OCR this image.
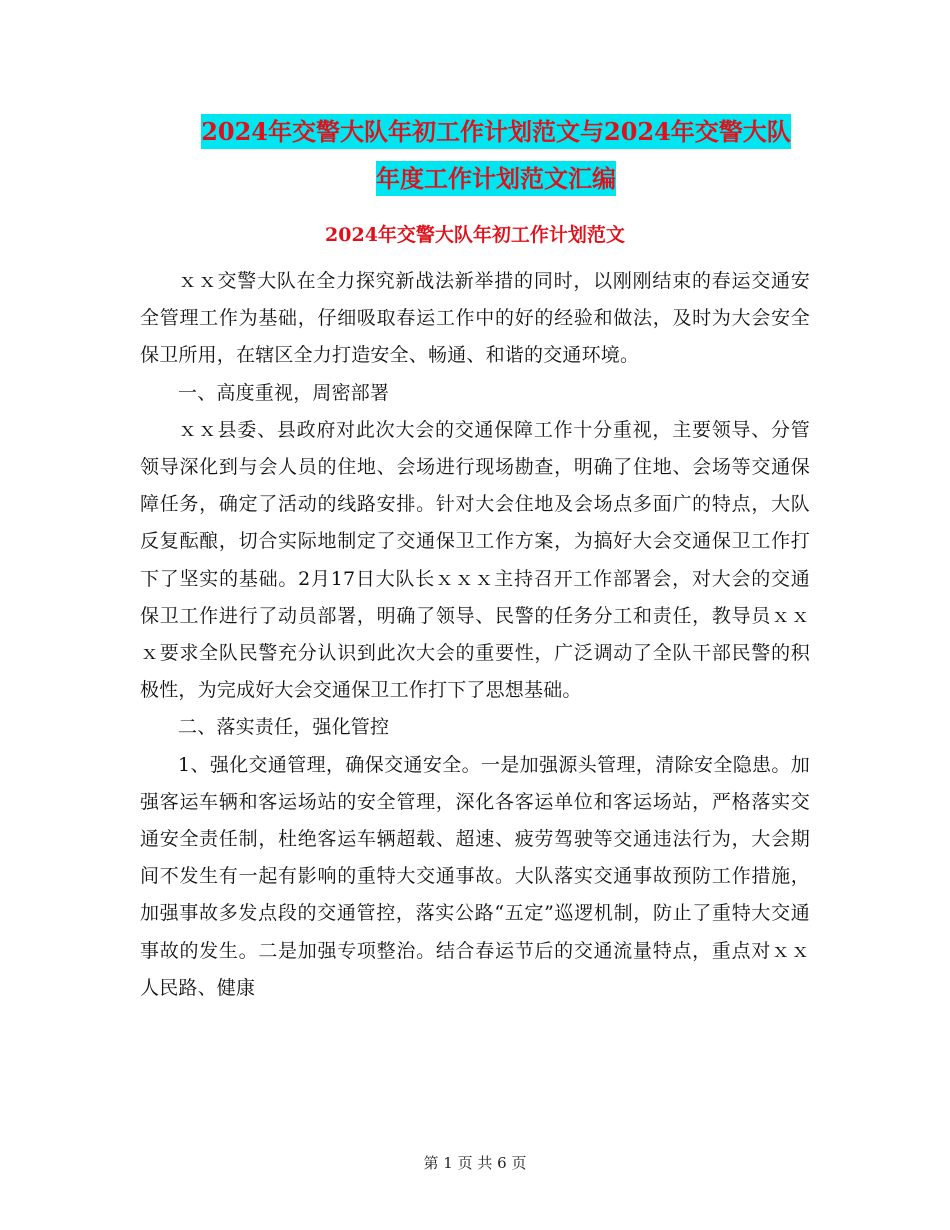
2024年交警大队年初工作计划范文与2024年交警大队
年度工作计划范文汇编
2024年交警大队年初工作计划范文

ｘｘ交警大队在全力探究新战法新举措的同时，以刚刚结束的春运交通安全管理工作为基础，仔细吸取春运工作中的好的经验和做法，及时为大会安全保卫所用，在辖区全力打造安全、畅通、和谐的交通环境。

一、高度重视，周密部署

ｘｘ县委、县政府对此次大会的交通保障工作十分重视，主要领导、分管领导深化到与会人员的住地、会场进行现场勘查，明确了住地、会场等交通保障任务，确定了活动的线路安排。针对大会住地及会场点多面广的特点，大队反复酝酿，切合实际地制定了交通保卫工作方案，为搞好大会交通保卫工作打下了坚实的基础。2月17日大队长ｘｘｘ主持召开工作部署会，对大会的交通保卫工作进行了动员部署，明确了领导、民警的任务分工和责任，教导员ｘｘｘ要求全队民警充分认识到此次大会的重要性，广泛调动了全队干部民警的积极性，为完成好大会交通保卫工作打下了思想基础。

二、落实责任，强化管控

1、强化交通管理，确保交通安全。一是加强源头管理，清除安全隐患。加强客运车辆和客运场站的安全管理，深化各客运单位和客运场站，严格落实交通安全责任制，杜绝客运车辆超载、超速、疲劳驾驶等交通违法行为，大会期间不发生有一起有影响的重特大交通事故。大队落实交通事故预防工作措施，加强事故多发点段的交通管控，落实公路“五定”巡逻机制，防止了重特大交通事故的发生。二是加强专项整治。结合春运节后的交通流量特点，重点对ｘｘ人民路、健康

第 1 页 共 6 页
